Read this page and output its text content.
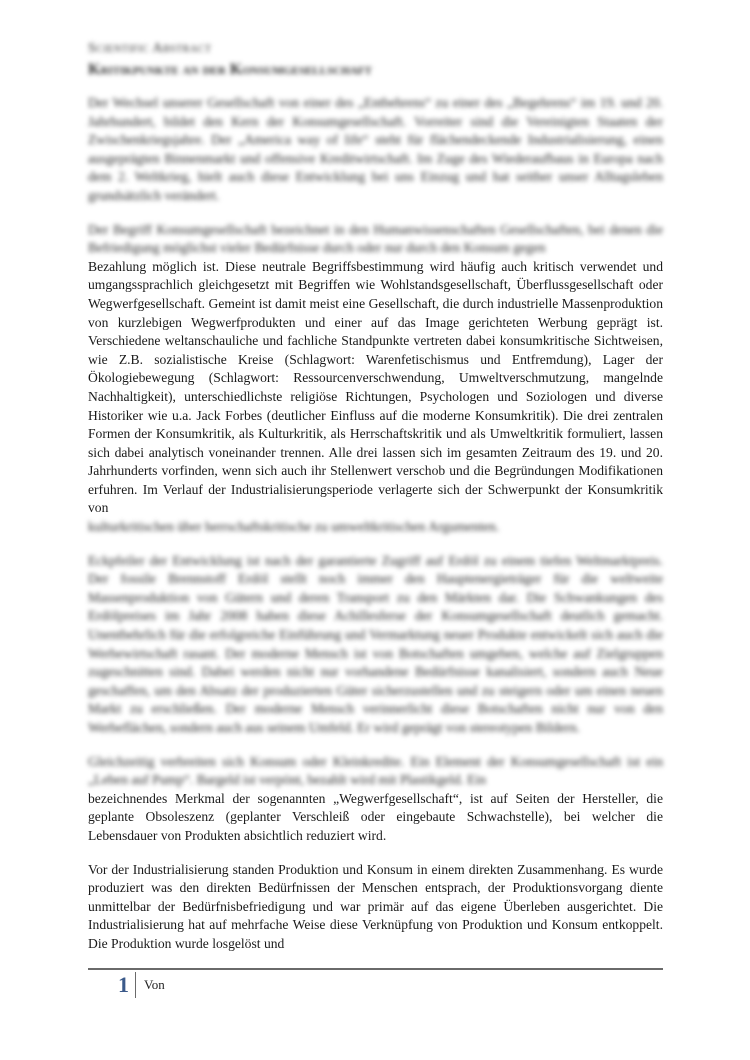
Scientific Abstract
Kritikpunkte an der Konsumgesellschaft

Der Wechsel unserer Gesellschaft von einer des „Entbehrens“ zu einer des „Begehrens“ im 19. und 20. Jahrhundert, bildet den Kern der Konsumgesellschaft. Vorreiter sind die Vereinigten Staaten der Zwischenkriegsjahre. Der „America way of life“ steht für flächendeckende Industrialisierung, einen ausgeprägten Binnenmarkt und offensive Kreditwirtschaft. Im Zuge des Wiederaufbaus in Europa nach dem 2. Weltkrieg, hielt auch diese Entwicklung bei uns Einzug und hat seither unser Alltagsleben grundsätzlich verändert.

Der Begriff Konsumgesellschaft bezeichnet in den Humanwissenschaften Gesellschaften, bei denen die Befriedigung möglichst vieler Bedürfnisse durch oder nur durch den Konsum gegen

Bezahlung möglich ist. Diese neutrale Begriffsbestimmung wird häufig auch kritisch verwendet und umgangssprachlich gleichgesetzt mit Begriffen wie Wohlstandsgesellschaft, Überflussgesellschaft oder Wegwerfgesellschaft. Gemeint ist damit meist eine Gesellschaft, die durch industrielle Massenproduktion von kurzlebigen Wegwerfprodukten und einer auf das Image gerichteten Werbung geprägt ist. Verschiedene weltanschauliche und fachliche Standpunkte vertreten dabei konsumkritische Sichtweisen, wie Z.B. sozialistische Kreise (Schlagwort: Warenfetischismus und Entfremdung), Lager der Ökologiebewegung (Schlagwort: Ressourcenverschwendung, Umweltverschmutzung, mangelnde Nachhaltigkeit), unterschiedlichste religiöse Richtungen, Psychologen und Soziologen und diverse Historiker wie u.a. Jack Forbes (deutlicher Einfluss auf die moderne Konsumkritik). Die drei zentralen Formen der Konsumkritik, als Kulturkritik, als Herrschaftskritik und als Umweltkritik formuliert, lassen sich dabei analytisch voneinander trennen. Alle drei lassen sich im gesamten Zeitraum des 19. und 20. Jahrhunderts vorfinden, wenn sich auch ihr Stellenwert verschob und die Begründungen Modifikationen erfuhren. Im Verlauf der Industrialisierungsperiode verlagerte sich der Schwerpunkt der Konsumkritik von

kulturkritischen über herrschaftskritische zu umweltkritischen Argumenten.

Eckpfeiler der Entwicklung ist nach der garantierte Zugriff auf Erdöl zu einem tiefen Weltmarktpreis. Der fossile Brennstoff Erdöl stellt noch immer den Hauptenergieträger für die weltweite Massenproduktion von Gütern und deren Transport zu den Märkten dar. Die Schwankungen des Erdölpreises im Jahr 2008 haben diese Achillesferse der Konsumgesellschaft deutlich gemacht. Unentbehrlich für die erfolgreiche Einführung und Vermarktung neuer Produkte entwickelt sich auch die Werbewirtschaft rasant. Der moderne Mensch ist von Botschaften umgeben, welche auf Zielgruppen zugeschnitten sind. Dabei werden nicht nur vorhandene Bedürfnisse kanalisiert, sondern auch Neue geschaffen, um den Absatz der produzierten Güter sicherzustellen und zu steigern oder um einen neuen Markt zu erschließen. Der moderne Mensch verinnerlicht diese Botschaften nicht nur von den Werbeflächen, sondern auch aus seinem Umfeld. Er wird geprägt von stereotypen Bildern.

Gleichzeitig verbreiten sich Konsum oder Kleinkredite. Ein Element der Konsumgesellschaft ist ein „Leben auf Pump“. Bargeld ist verpönt, bezahlt wird mit Plastikgeld. Ein

bezeichnendes Merkmal der sogenannten „Wegwerfgesellschaft“, ist auf Seiten der Hersteller, die geplante Obsoleszenz (geplanter Verschleiß oder eingebaute Schwachstelle), bei welcher die Lebensdauer von Produkten absichtlich reduziert wird.

Vor der Industrialisierung standen Produktion und Konsum in einem direkten Zusammenhang. Es wurde produziert was den direkten Bedürfnissen der Menschen entsprach, der Produktionsvorgang diente unmittelbar der Bedürfnisbefriedigung und war primär auf das eigene Überleben ausgerichtet. Die Industrialisierung hat auf mehrfache Weise diese Verknüpfung von Produktion und Konsum entkoppelt. Die Produktion wurde losgelöst und

1	Von
